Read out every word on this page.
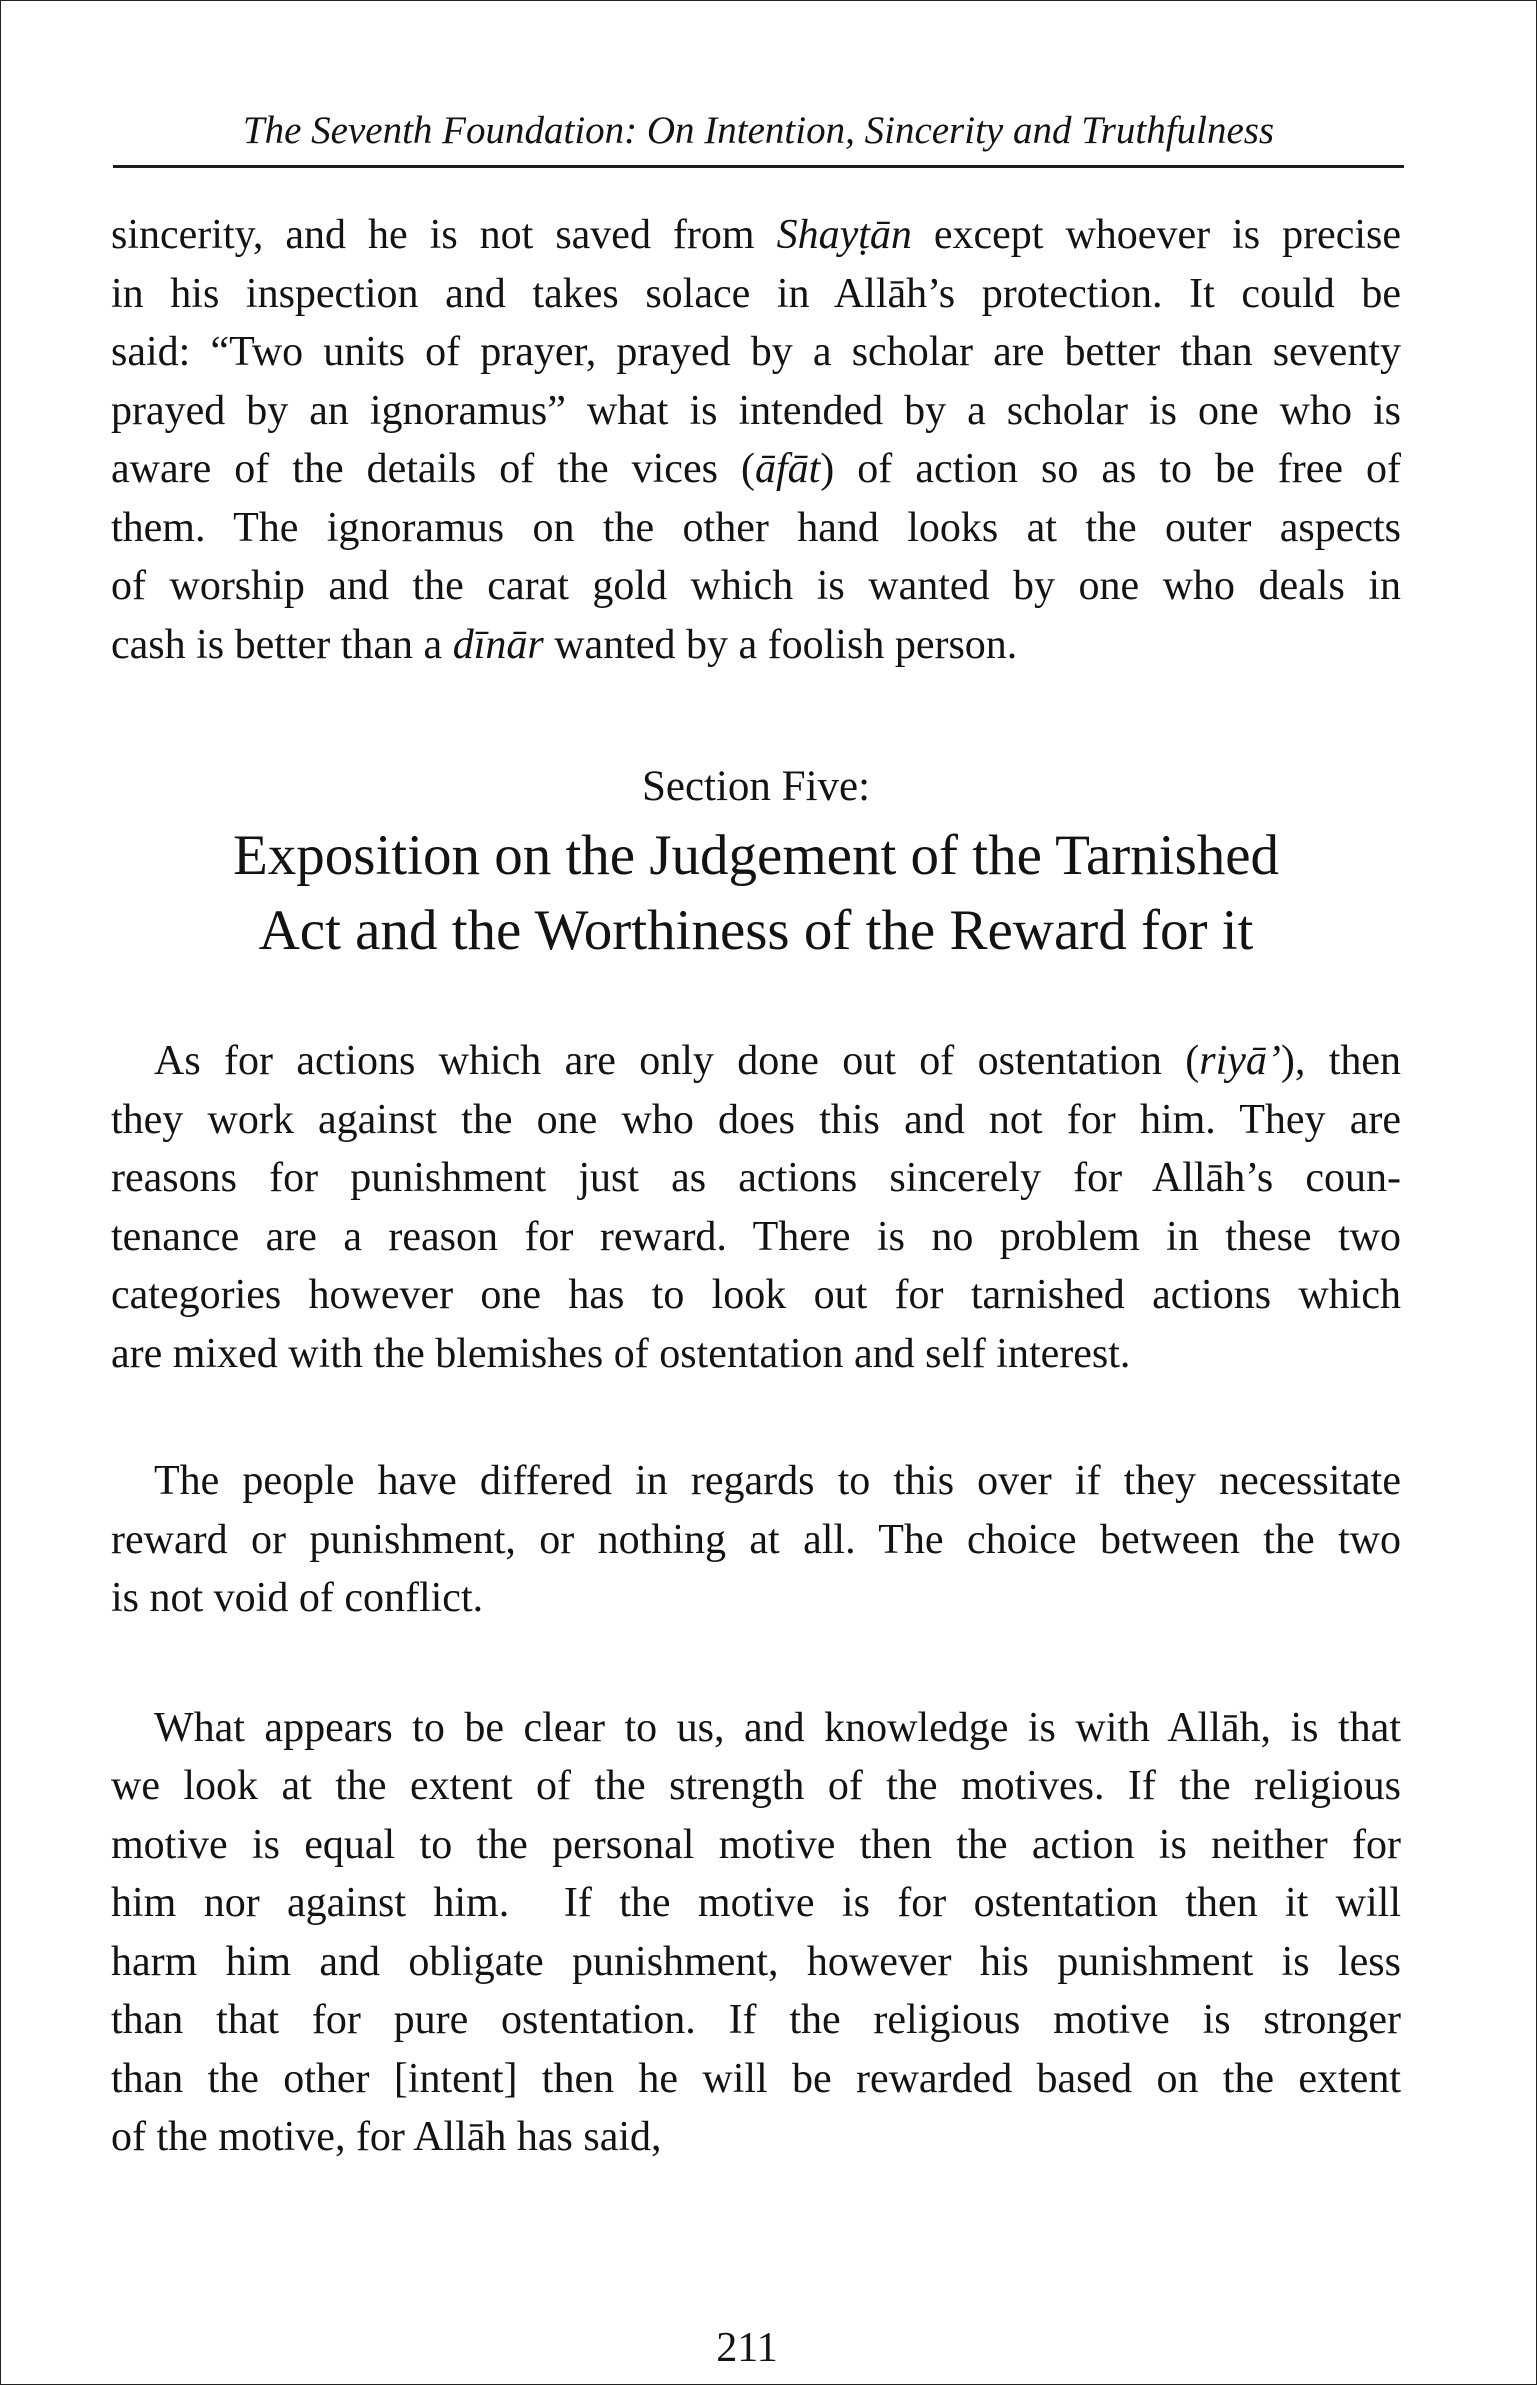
The Seventh Foundation: On Intention, Sincerity and Truthfulness
sincerity, and he is not saved from Shayṭān except whoever is precise
in his inspection and takes solace in Allāh’s protection. It could be
said: “Two units of prayer, prayed by a scholar are better than seventy
prayed by an ignoramus” what is intended by a scholar is one who is
aware of the details of the vices (āfāt) of action so as to be free of
them. The ignoramus on the other hand looks at the outer aspects
of worship and the carat gold which is wanted by one who deals in
cash is better than a dīnār wanted by a foolish person.
Section Five:
Exposition on the Judgement of the Tarnished
Act and the Worthiness of the Reward for it
As for actions which are only done out of ostentation (riyā’), then
they work against the one who does this and not for him. They are
reasons for punishment just as actions sincerely for Allāh’s coun-
tenance are a reason for reward. There is no problem in these two
categories however one has to look out for tarnished actions which
are mixed with the blemishes of ostentation and self interest.
The people have differed in regards to this over if they necessitate
reward or punishment, or nothing at all. The choice between the two
is not void of conflict.
What appears to be clear to us, and knowledge is with Allāh, is that
we look at the extent of the strength of the motives. If the religious
motive is equal to the personal motive then the action is neither for
him nor against him.  If the motive is for ostentation then it will
harm him and obligate punishment, however his punishment is less
than that for pure ostentation. If the religious motive is stronger
than the other [intent] then he will be rewarded based on the extent
of the motive, for Allāh has said,
211
